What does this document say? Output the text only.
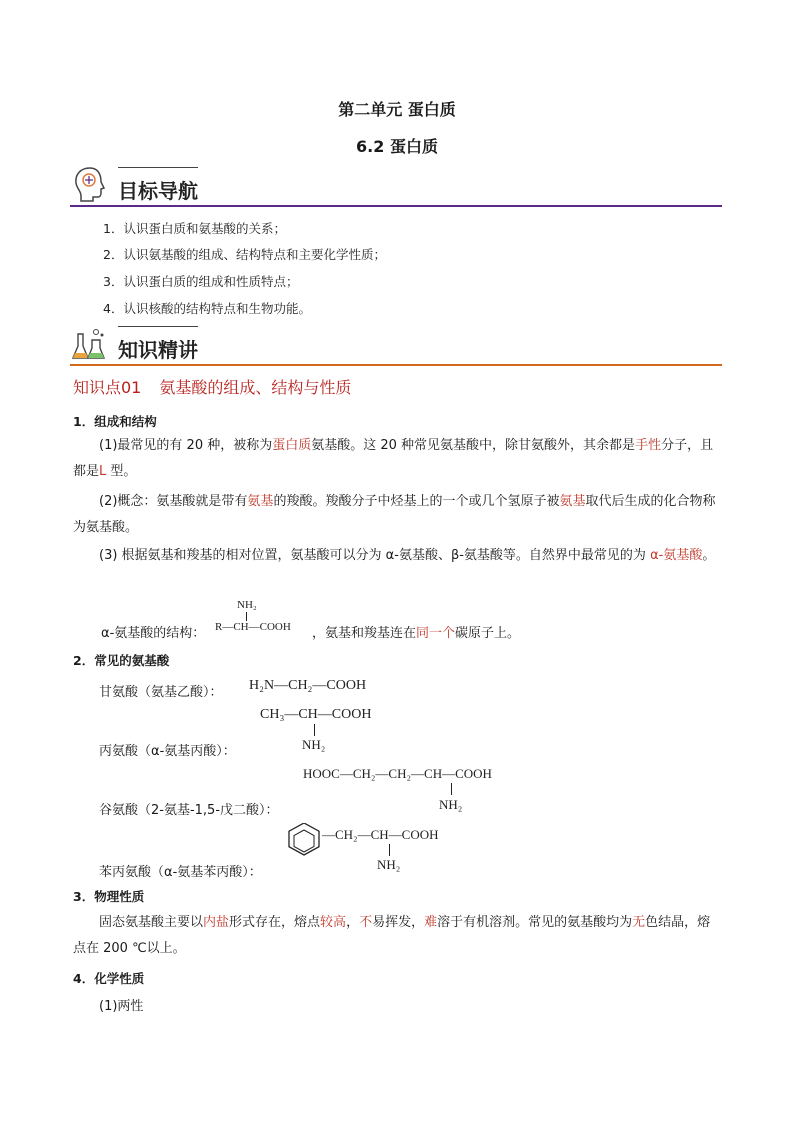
第二单元 蛋白质
6.2 蛋白质
目标导航
1．认识蛋白质和氨基酸的关系；
2．认识氨基酸的组成、结构特点和主要化学性质；
3．认识蛋白质的组成和性质特点；
4．认识核酸的结构特点和生物功能。
知识精讲
知识点01 氨基酸的组成、结构与性质
1．组成和结构
(1)最常见的有 20 种，被称为蛋白质氨基酸。这 20 种常见氨基酸中，除甘氨酸外，其余都是手性分子，且都是L 型。
(2)概念：氨基酸就是带有氨基的羧酸。羧酸分子中烃基上的一个或几个氢原子被氨基取代后生成的化合物称为氨基酸。
(3) 根据氨基和羧基的相对位置，氨基酸可以分为 α-氨基酸、β-氨基酸等。自然界中最常见的为 α-氨基酸。
α-氨基酸的结构：
NH₂
R—CH—COOH ，氨基和羧基连在同一个碳原子上。
2．常见的氨基酸
甘氨酸（氨基乙酸）： H₂N—CH₂—COOH
CH₃—CH—COOH
NH₂
丙氨酸（α-氨基丙酸）：
HOOC—CH₂—CH₂—CH—COOH
NH₂
谷氨酸（2-氨基-1,5-戊二酸）：
—CH₂—CH—COOH
NH₂
苯丙氨酸（α-氨基苯丙酸）：
3．物理性质
固态氨基酸主要以内盐形式存在，熔点较高，不易挥发，难溶于有机溶剂。常见的氨基酸均为无色结晶，熔点在 200 ℃以上。
4．化学性质
(1)两性
